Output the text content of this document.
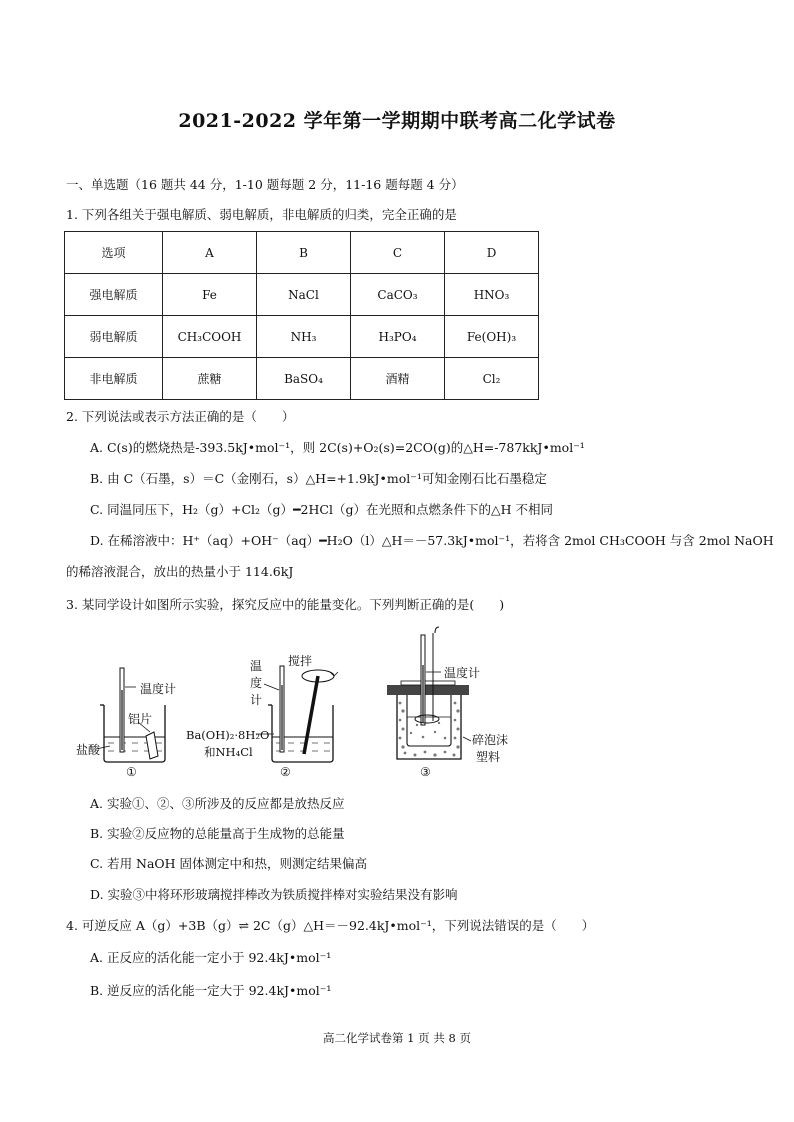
2021-2022 学年第一学期期中联考高二化学试卷
一、单选题（16 题共 44 分，1-10 题每题 2 分，11-16 题每题 4 分）
1. 下列各组关于强电解质、弱电解质，非电解质的归类，完全正确的是
选项	A	B	C	D
强电解质	Fe	NaCl	CaCO₃	HNO₃
弱电解质	CH₃COOH	NH₃	H₃PO₄	Fe(OH)₃
非电解质	蔗糖	BaSO₄	酒精	Cl₂
2. 下列说法或表示方法正确的是（　　）
A. C(s)的燃烧热是-393.5kJ•mol⁻¹，则 2C(s)+O₂(s)=2CO(g)的△H=-787kkJ•mol⁻¹
B. 由 C（石墨，s）＝C（金刚石，s）△H=+1.9kJ•mol⁻¹可知金刚石比石墨稳定
C. 同温同压下，H₂（g）+Cl₂（g）━2HCl（g）在光照和点燃条件下的△H 不相同
D. 在稀溶液中：H⁺（aq）+OH⁻（aq）━H₂O（l）△H＝－57.3kJ•mol⁻¹，若将含 2mol CH₃COOH 与含 2mol NaOH
的稀溶液混合，放出的热量小于 114.6kJ
3. 某同学设计如图所示实验，探究反应中的能量变化。下列判断正确的是(　　)
温度计
铝片
盐酸
①
搅拌
温
度
计
Ba(OH)₂·8H₂O
和NH₄Cl
②
温度计
碎泡沫
塑料
③
A. 实验①、②、③所涉及的反应都是放热反应
B. 实验②反应物的总能量高于生成物的总能量
C. 若用 NaOH 固体测定中和热，则测定结果偏高
D. 实验③中将环形玻璃搅拌棒改为铁质搅拌棒对实验结果没有影响
4. 可逆反应 A（g）+3B（g）⇌ 2C（g）△H＝－92.4kJ•mol⁻¹，下列说法错误的是（　　）
A. 正反应的活化能一定小于 92.4kJ•mol⁻¹
B. 逆反应的活化能一定大于 92.4kJ•mol⁻¹
高二化学试卷第 1 页 共 8 页
